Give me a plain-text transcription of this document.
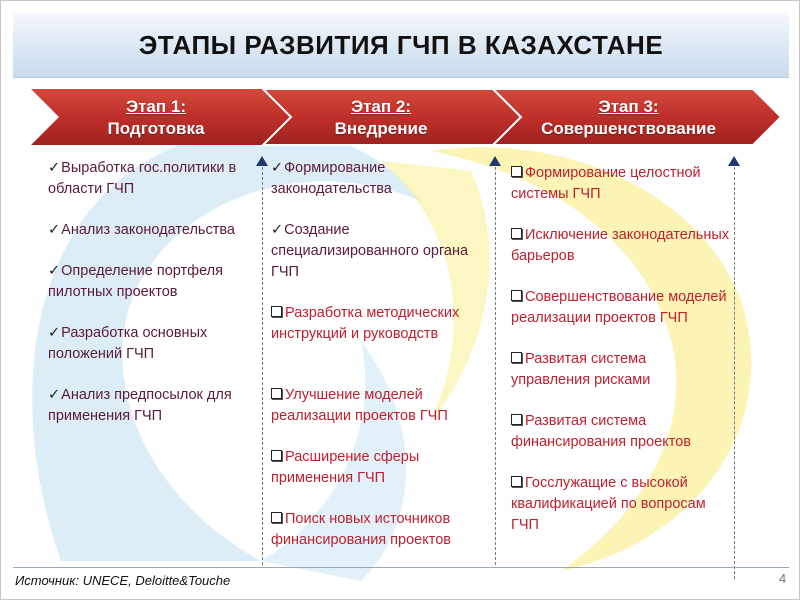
ЭТАПЫ РАЗВИТИЯ ГЧП В КАЗАХСТАНЕ
Этап 1:
Подготовка
Этап 2:
Внедрение
Этап 3:
Совершенствование
✓Выработка гос.политики в области ГЧП
✓Анализ законодательства
✓Определение портфеля пилотных проектов
✓Разработка основных положений ГЧП
✓Анализ предпосылок для применения ГЧП
✓Формирование законодательства
✓Создание специализированного органа ГЧП
Разработка методических инструкций и руководств
Улучшение моделей реализации проектов ГЧП
Расширение сферы применения ГЧП
Поиск новых источников финансирования проектов
Формирование целостной системы ГЧП
Исключение законодательных барьеров
Совершенствование моделей реализации проектов ГЧП
Развитая система управления рисками
Развитая система финансирования проектов
Госслужащие с высокой квалификацией по вопросам ГЧП
Источник: UNECE, Deloitte&Touche	4
